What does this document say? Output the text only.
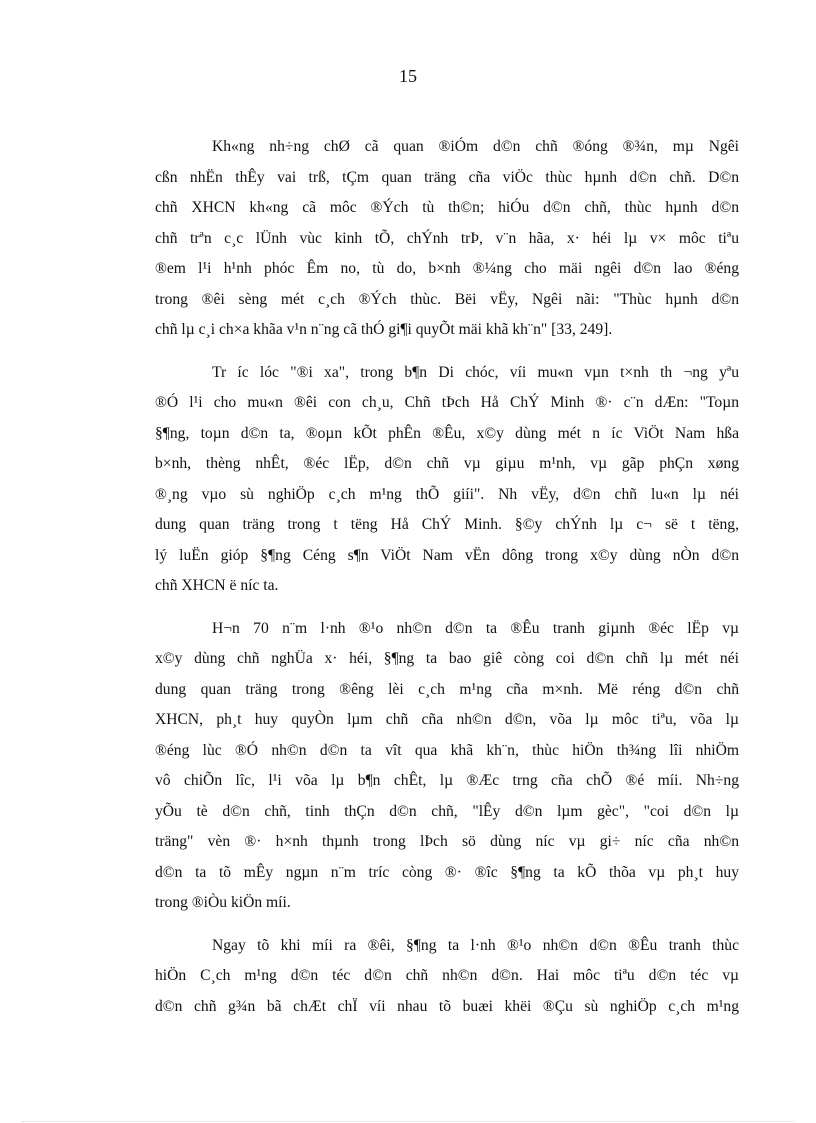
15

Kh«ng nh÷ng chØ cã quan ®iÓm d©n chñ ®óng ®¾n, mµ Ngêi
cßn nhËn thÊy vai trß, tÇm quan träng cña viÖc thùc hµnh d©n chñ. D©n
chñ XHCN kh«ng cã môc ®Ých tù th©n; hiÓu d©n chñ, thùc hµnh d©n
chñ trªn c¸c lÜnh vùc kinh tÕ, chÝnh trÞ, v¨n hãa, x· héi lµ v× môc tiªu
®em l¹i h¹nh phóc Êm no, tù do, b×nh ®¼ng cho mäi ngêi d©n lao ®éng
trong ®êi sèng mét c¸ch ®Ých thùc. Bëi vËy, Ngêi nãi: "Thùc hµnh d©n
chñ lµ c¸i ch×a khãa v¹n n¨ng cã thÓ gi¶i quyÕt mäi khã kh¨n" [33, 249].

Tr íc lóc "®i xa", trong b¶n Di chóc, víi mu«n vµn t×nh th ¬ng yªu
®Ó l¹i cho mu«n ®êi con ch¸u, Chñ tÞch Hå ChÝ Minh ®· c¨n dÆn: "Toµn
§¶ng, toµn d©n ta, ®oµn kÕt phÊn ®Êu, x©y dùng mét n íc ViÖt Nam hßa
b×nh, thèng nhÊt, ®éc lËp, d©n chñ vµ giµu m¹nh, vµ gãp phÇn xøng
®¸ng vµo sù nghiÖp c¸ch m¹ng thÕ giíi". Nh vËy, d©n chñ lu«n lµ néi
dung quan träng trong t tëng Hå ChÝ Minh. §©y chÝnh lµ c¬ së t tëng,
lý luËn gióp §¶ng Céng s¶n ViÖt Nam vËn dông trong x©y dùng nÒn d©n
chñ XHCN ë níc ta.

H¬n 70 n¨m l·nh ®¹o nh©n d©n ta ®Êu tranh giµnh ®éc lËp vµ
x©y dùng chñ nghÜa x· héi, §¶ng ta bao giê còng coi d©n chñ lµ mét néi
dung quan träng trong ®êng lèi c¸ch m¹ng cña m×nh. Më réng d©n chñ
XHCN, ph¸t huy quyÒn lµm chñ cña nh©n d©n, võa lµ môc tiªu, võa lµ
®éng lùc ®Ó nh©n d©n ta vît qua khã kh¨n, thùc hiÖn th¾ng lîi nhiÖm
vô chiÕn lîc, l¹i võa lµ b¶n chÊt, lµ ®Æc trng cña chÕ ®é míi. Nh÷ng
yÕu tè d©n chñ, tinh thÇn d©n chñ, "lÊy d©n lµm gèc", "coi d©n lµ
träng" vèn ®· h×nh thµnh trong lÞch sö dùng níc vµ gi÷ níc cña nh©n
d©n ta tõ mÊy ngµn n¨m tríc còng ®· ®îc §¶ng ta kÕ thõa vµ ph¸t huy
trong ®iÒu kiÖn míi.

Ngay tõ khi míi ra ®êi, §¶ng ta l·nh ®¹o nh©n d©n ®Êu tranh thùc
hiÖn C¸ch m¹ng d©n téc d©n chñ nh©n d©n. Hai môc tiªu d©n téc vµ
d©n chñ g¾n bã chÆt chÏ víi nhau tõ buæi khëi ®Çu sù nghiÖp c¸ch m¹ng
